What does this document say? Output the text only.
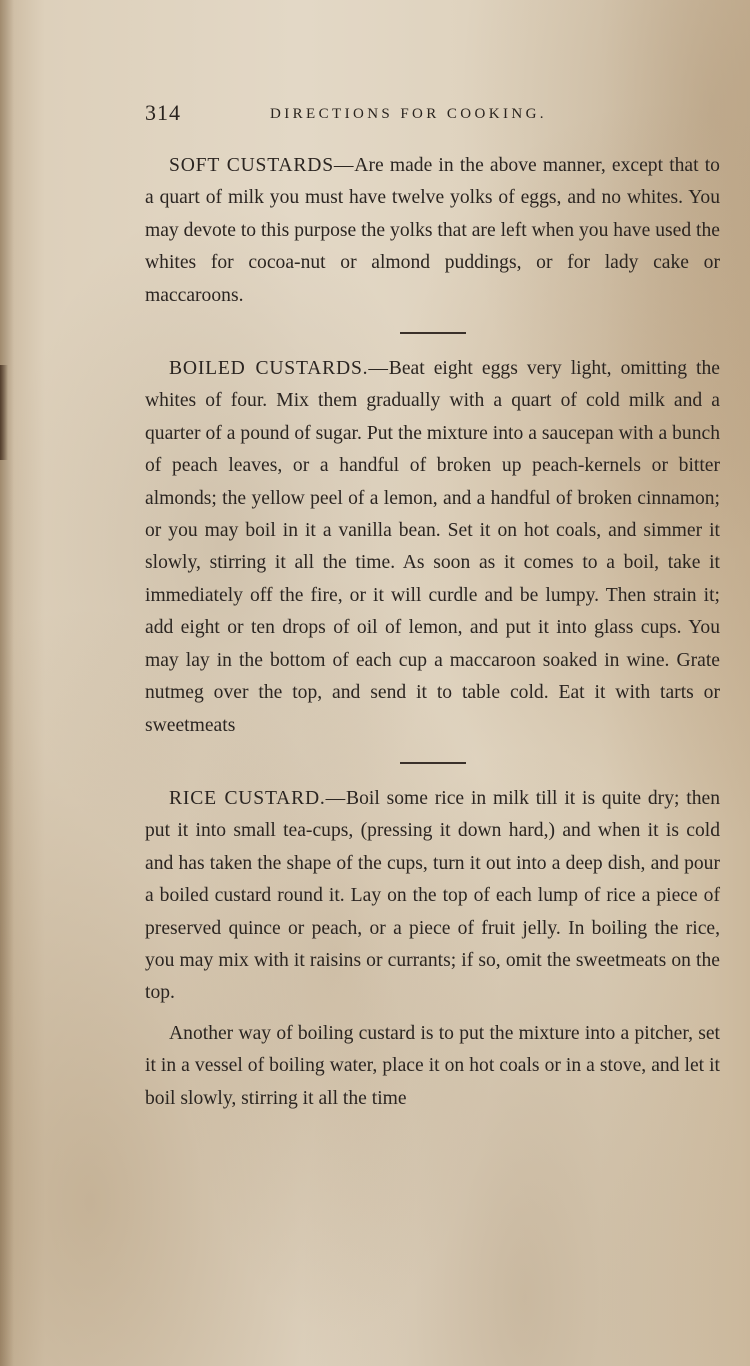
314	DIRECTIONS FOR COOKING.

SOFT CUSTARDS—Are made in the above manner, except that to a quart of milk you must have twelve yolks of eggs, and no whites. You may devote to this purpose the yolks that are left when you have used the whites for cocoa-nut or almond puddings, or for lady cake or maccaroons.

BOILED CUSTARDS.—Beat eight eggs very light, omitting the whites of four. Mix them gradually with a quart of cold milk and a quarter of a pound of sugar. Put the mixture into a saucepan with a bunch of peach leaves, or a handful of broken up peach-kernels or bitter almonds; the yellow peel of a lemon, and a handful of broken cinnamon; or you may boil in it a vanilla bean. Set it on hot coals, and simmer it slowly, stirring it all the time. As soon as it comes to a boil, take it immediately off the fire, or it will curdle and be lumpy. Then strain it; add eight or ten drops of oil of lemon, and put it into glass cups. You may lay in the bottom of each cup a maccaroon soaked in wine. Grate nutmeg over the top, and send it to table cold. Eat it with tarts or sweetmeats

RICE CUSTARD.—Boil some rice in milk till it is quite dry; then put it into small tea-cups, (pressing it down hard,) and when it is cold and has taken the shape of the cups, turn it out into a deep dish, and pour a boiled custard round it. Lay on the top of each lump of rice a piece of preserved quince or peach, or a piece of fruit jelly. In boiling the rice, you may mix with it raisins or currants; if so, omit the sweetmeats on the top.

Another way of boiling custard is to put the mixture into a pitcher, set it in a vessel of boiling water, place it on hot coals or in a stove, and let it boil slowly, stirring it all the time
